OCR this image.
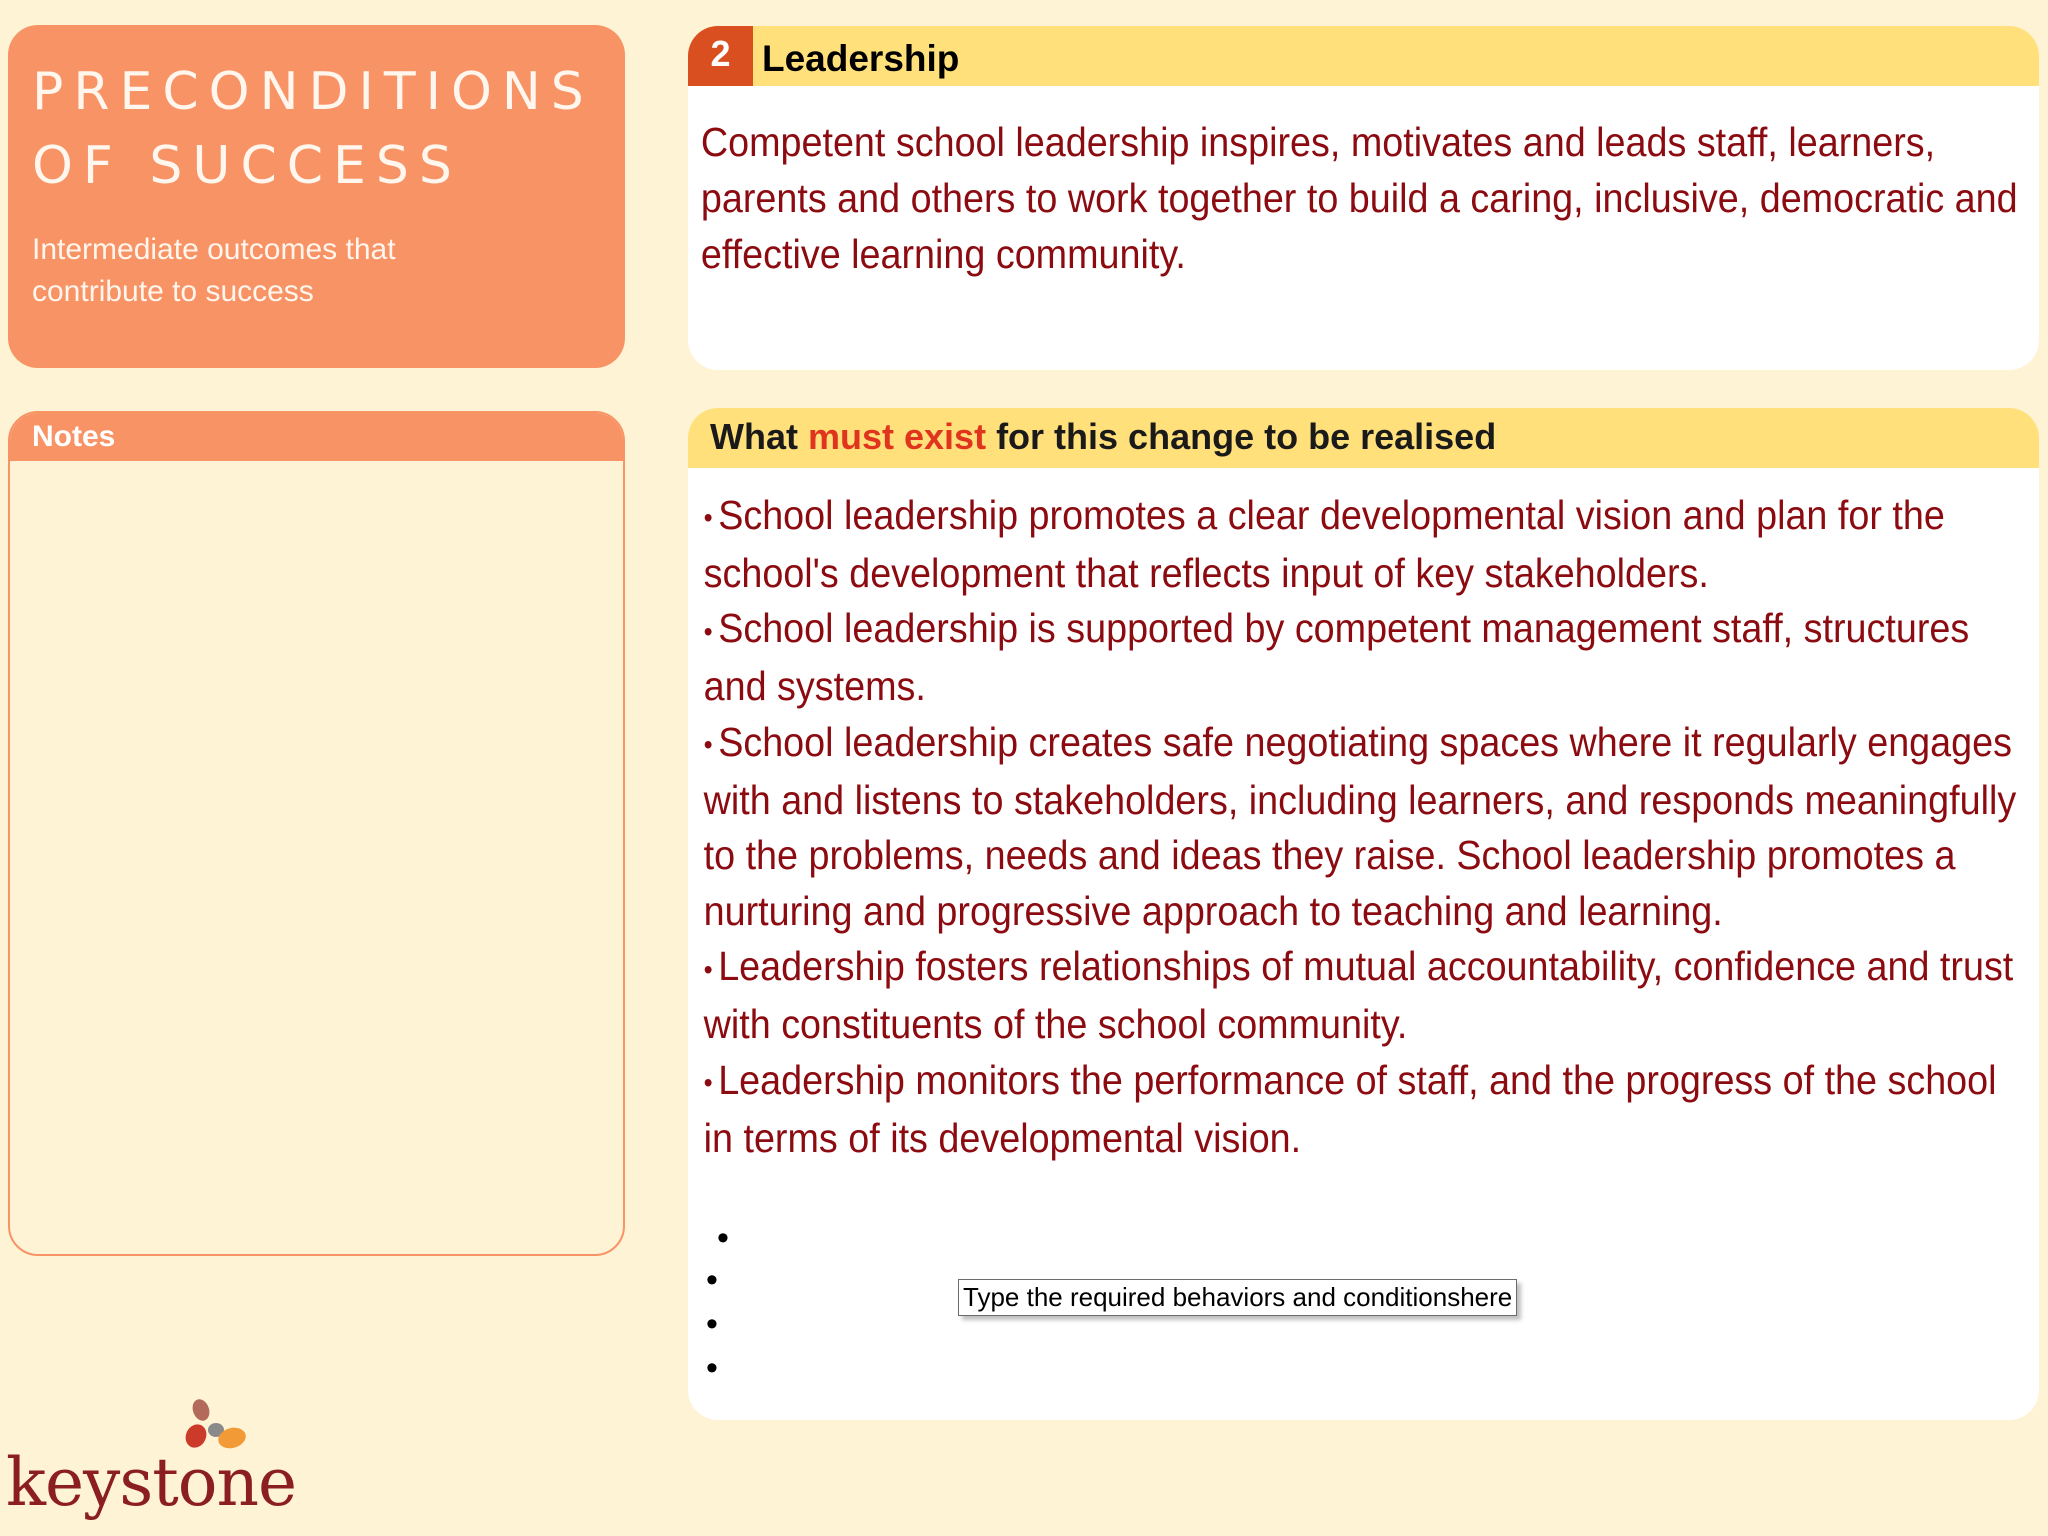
PRECONDITIONS
OF SUCCESS
Intermediate outcomes that contribute to success
Notes
2 Leadership
Competent school leadership inspires, motivates and leads staff, learners, parents and others to work together to build a caring, inclusive, democratic and effective learning community.
What must exist for this change to be realised
• School leadership promotes a clear developmental vision and plan for the school's development that reflects input of key stakeholders.
• School leadership is supported by competent management staff, structures and systems.
• School leadership creates safe negotiating spaces where it regularly engages with and listens to stakeholders, including learners, and responds meaningfully to the problems, needs and ideas they raise. School leadership promotes a nurturing and progressive approach to teaching and learning.
• Leadership fosters relationships of mutual accountability, confidence and trust with constituents of the school community.
• Leadership monitors the performance of staff, and the progress of the school in terms of its developmental vision.
•
•
•
•
Type the required behaviors and conditionshere
keystone
